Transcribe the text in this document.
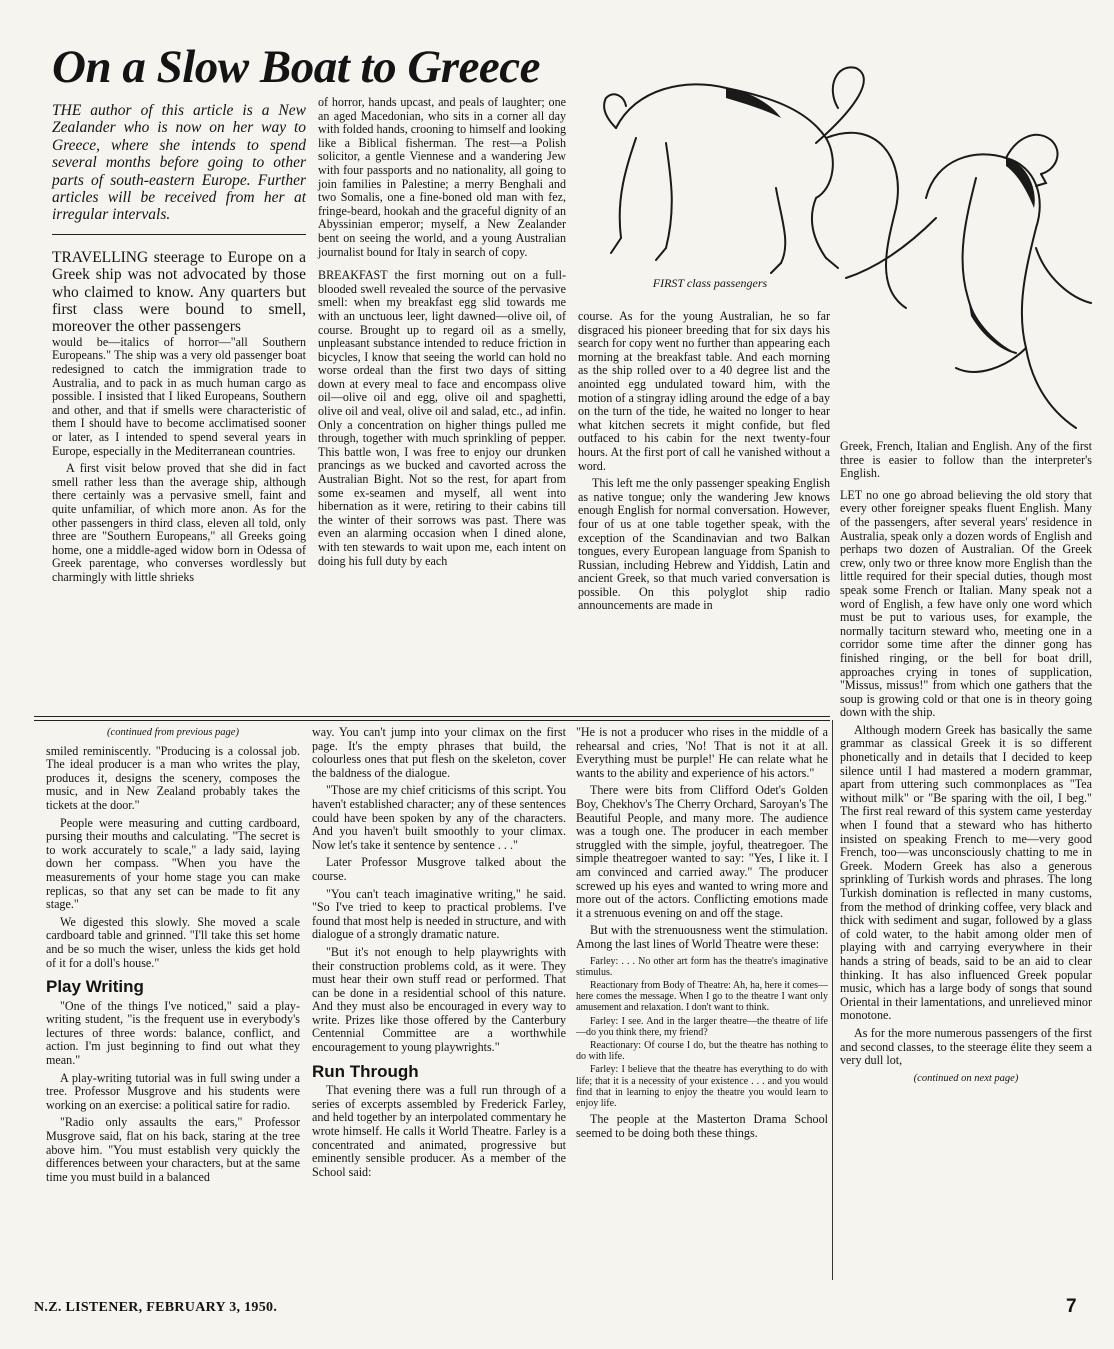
On a Slow Boat to Greece
FIRST class passengers
THE author of this article is a New Zealander who is now on her way to Greece, where she intends to spend several months before going to other parts of south-eastern Europe. Further articles will be received from her at irregular intervals.
TRAVELLING steerage to Europe on a Greek ship was not advocated by those who claimed to know. Any quarters but first class were bound to smell, moreover the other passengers

would be—italics of horror—"all Southern Europeans." The ship was a very old passenger boat redesigned to catch the immigration trade to Australia, and to pack in as much human cargo as possible. I insisted that I liked Europeans, Southern and other, and that if smells were characteristic of them I should have to become acclimatised sooner or later, as I intended to spend several years in Europe, especially in the Mediterranean countries.

A first visit below proved that she did in fact smell rather less than the average ship, although there certainly was a pervasive smell, faint and quite unfamiliar, of which more anon. As for the other passengers in third class, eleven all told, only three are "Southern Europeans," all Greeks going home, one a middle-aged widow born in Odessa of Greek parentage, who converses wordlessly but charmingly with little shrieks

of horror, hands upcast, and peals of laughter; one an aged Macedonian, who sits in a corner all day with folded hands, crooning to himself and looking like a Biblical fisherman. The rest—a Polish solicitor, a gentle Viennese and a wandering Jew with four passports and no nationality, all going to join families in Palestine; a merry Benghali and two Somalis, one a fine-boned old man with fez, fringe-beard, hookah and the graceful dignity of an Abyssinian emperor; myself, a New Zealander bent on seeing the world, and a young Australian journalist bound for Italy in search of copy.

BREAKFAST the first morning out on a full-blooded swell revealed the source of the pervasive smell: when my breakfast egg slid towards me with an unctuous leer, light dawned—olive oil, of course. Brought up to regard oil as a smelly, unpleasant substance intended to reduce friction in bicycles, I know that seeing the world can hold no worse ordeal than the first two days of sitting down at every meal to face and encompass olive oil—olive oil and egg, olive oil and spaghetti, olive oil and veal, olive oil and salad, etc., ad infin. Only a concentration on higher things pulled me through, together with much sprinkling of pepper. This battle won, I was free to enjoy our drunken prancings as we bucked and cavorted across the Australian Bight. Not so the rest, for apart from some ex-seamen and myself, all went into hibernation as it were, retiring to their cabins till the winter of their sorrows was past. There was even an alarming occasion when I dined alone, with ten stewards to wait upon me, each intent on doing his full duty by each

course. As for the young Australian, he so far disgraced his pioneer breeding that for six days his search for copy went no further than appearing each morning at the breakfast table. And each morning as the ship rolled over to a 40 degree list and the anointed egg undulated toward him, with the motion of a stingray idling around the edge of a bay on the turn of the tide, he waited no longer to hear what kitchen secrets it might confide, but fled outfaced to his cabin for the next twenty-four hours. At the first port of call he vanished without a word.

This left me the only passenger speaking English as native tongue; only the wandering Jew knows enough English for normal conversation. However, four of us at one table together speak, with the exception of the Scandinavian and two Balkan tongues, every European language from Spanish to Russian, including Hebrew and Yiddish, Latin and ancient Greek, so that much varied conversation is possible. On this polyglot ship radio announcements are made in

Greek, French, Italian and English. Any of the first three is easier to follow than the interpreter's English.

LET no one go abroad believing the old story that every other foreigner speaks fluent English. Many of the passengers, after several years' residence in Australia, speak only a dozen words of English and perhaps two dozen of Australian. Of the Greek crew, only two or three know more English than the little required for their special duties, though most speak some French or Italian. Many speak not a word of English, a few have only one word which must be put to various uses, for example, the normally taciturn steward who, meeting one in a corridor some time after the dinner gong has finished ringing, or the bell for boat drill, approaches crying in tones of supplication, "Missus, missus!" from which one gathers that the soup is growing cold or that one is in theory going down with the ship.

Although modern Greek has basically the same grammar as classical Greek it is so different phonetically and in details that I decided to keep silence until I had mastered a modern grammar, apart from uttering such commonplaces as "Tea without milk" or "Be sparing with the oil, I beg." The first real reward of this system came yesterday when I found that a steward who has hitherto insisted on speaking French to me—very good French, too—was unconsciously chatting to me in Greek. Modern Greek has also a generous sprinkling of Turkish words and phrases. The long Turkish domination is reflected in many customs, from the method of drinking coffee, very black and thick with sediment and sugar, followed by a glass of cold water, to the habit among older men of playing with and carrying everywhere in their hands a string of beads, said to be an aid to clear thinking. It has also influenced Greek popular music, which has a large body of songs that sound Oriental in their lamentations, and unrelieved minor monotone.

As for the more numerous passengers of the first and second classes, to the steerage élite they seem a very dull lot,

(continued on next page)
(continued from previous page)

smiled reminiscently. "Producing is a colossal job. The ideal producer is a man who writes the play, produces it, designs the scenery, composes the music, and in New Zealand probably takes the tickets at the door."

People were measuring and cutting cardboard, pursing their mouths and calculating. "The secret is to work accurately to scale," a lady said, laying down her compass. "When you have the measurements of your home stage you can make replicas, so that any set can be made to fit any stage."

We digested this slowly. She moved a scale cardboard table and grinned. "I'll take this set home and be so much the wiser, unless the kids get hold of it for a doll's house."

Play Writing

"One of the things I've noticed," said a play-writing student, "is the frequent use in everybody's lectures of three words: balance, conflict, and action. I'm just beginning to find out what they mean."

A play-writing tutorial was in full swing under a tree. Professor Musgrove and his students were working on an exercise: a political satire for radio.

"Radio only assaults the ears," Professor Musgrove said, flat on his back, staring at the tree above him. "You must establish very quickly the differences between your characters, but at the same time you must build in a balanced

way. You can't jump into your climax on the first page. It's the empty phrases that build, the colourless ones that put flesh on the skeleton, cover the baldness of the dialogue.

"Those are my chief criticisms of this script. You haven't established character; any of these sentences could have been spoken by any of the characters. And you haven't built smoothly to your climax. Now let's take it sentence by sentence . . ."

Later Professor Musgrove talked about the course.

"You can't teach imaginative writing," he said. "So I've tried to keep to practical problems. I've found that most help is needed in structure, and with dialogue of a strongly dramatic nature.

"But it's not enough to help playwrights with their construction problems cold, as it were. They must hear their own stuff read or performed. That can be done in a residential school of this nature. And they must also be encouraged in every way to write. Prizes like those offered by the Canterbury Centennial Committee are a worthwhile encouragement to young playwrights."

Run Through

That evening there was a full run through of a series of excerpts assembled by Frederick Farley, and held together by an interpolated commentary he wrote himself. He calls it World Theatre. Farley is a concentrated and animated, progressive but eminently sensible producer. As a member of the School said:

"He is not a producer who rises in the middle of a rehearsal and cries, 'No! That is not it at all. Everything must be purple!' He can relate what he wants to the ability and experience of his actors."

There were bits from Clifford Odet's Golden Boy, Chekhov's The Cherry Orchard, Saroyan's The Beautiful People, and many more. The audience was a tough one. The producer in each member struggled with the simple, joyful, theatregoer. The simple theatregoer wanted to say: "Yes, I like it. I am convinced and carried away." The producer screwed up his eyes and wanted to wring more and more out of the actors. Conflicting emotions made it a strenuous evening on and off the stage.

But with the strenuousness went the stimulation. Among the last lines of World Theatre were these:

Farley: . . . No other art form has the theatre's imaginative stimulus.

Reactionary from Body of Theatre: Ah, ha, here it comes—here comes the message. When I go to the theatre I want only amusement and relaxation. I don't want to think.

Farley: I see. And in the larger theatre—the theatre of life—do you think there, my friend?

Reactionary: Of course I do, but the theatre has nothing to do with life.

Farley: I believe that the theatre has everything to do with life; that it is a necessity of your existence . . . and you would find that in learning to enjoy the theatre you would learn to enjoy life.

The people at the Masterton Drama School seemed to be doing both these things.

N.Z. LISTENER, FEBRUARY 3, 1950.	7
